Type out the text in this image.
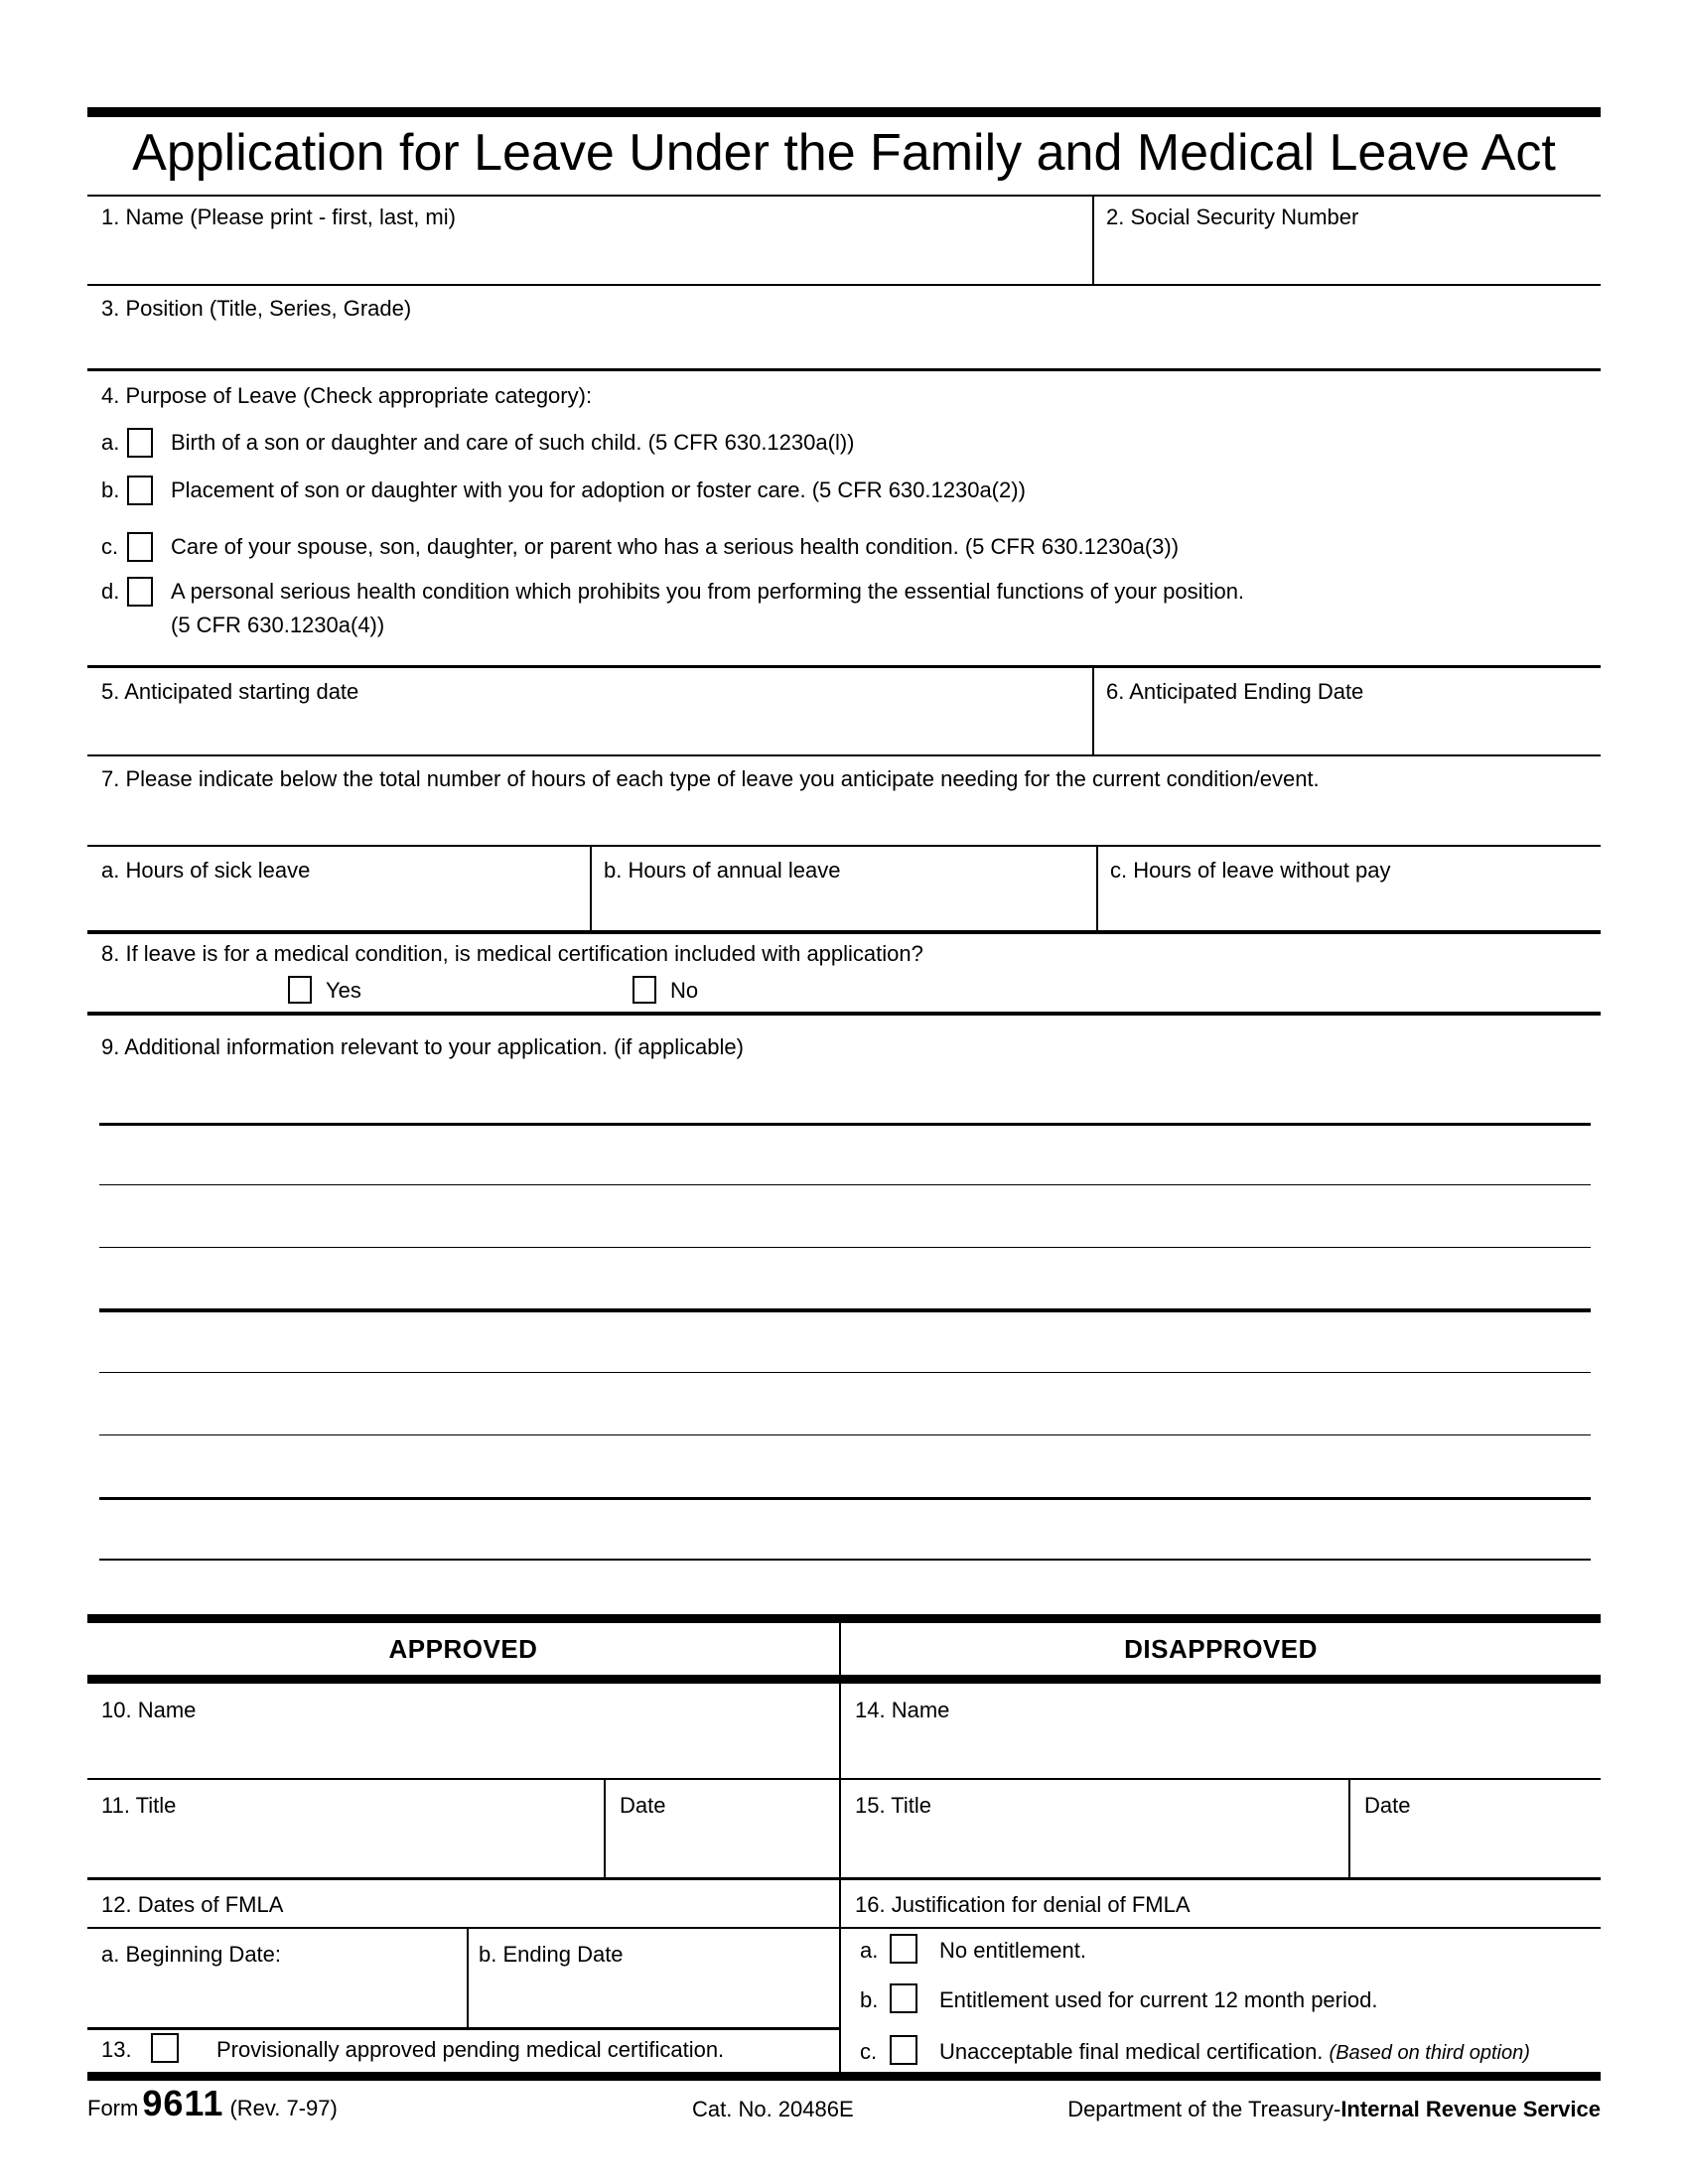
Application for Leave Under the Family and Medical Leave Act
1. Name (Please print - first, last, mi)	2. Social Security Number
3. Position (Title, Series, Grade)
4. Purpose of Leave (Check appropriate category):
a. Birth of a son or daughter and care of such child. (5 CFR 630.1230a(l))
b. Placement of son or daughter with you for adoption or foster care. (5 CFR 630.1230a(2))
c. Care of your spouse, son, daughter, or parent who has a serious health condition. (5 CFR 630.1230a(3))
d. A personal serious health condition which prohibits you from performing the essential functions of your position.
(5 CFR 630.1230a(4))
5. Anticipated starting date	6. Anticipated Ending Date
7. Please indicate below the total number of hours of each type of leave you anticipate needing for the current condition/event.
a. Hours of sick leave	b. Hours of annual leave	c. Hours of leave without pay
8. If leave is for a medical condition, is medical certification included with application?
Yes	No
9. Additional information relevant to your application. (if applicable)
APPROVED	DISAPPROVED
10. Name	14. Name
11. Title	Date	15. Title	Date
12. Dates of FMLA	16. Justification for denial of FMLA
a. Beginning Date:	b. Ending Date
13.	Provisionally approved pending medical certification.
a.	No entitlement.
b.	Entitlement used for current 12 month period.
c.	Unacceptable final medical certification. (Based on third option)
Form 9611 (Rev. 7-97)	Cat. No. 20486E	Department of the Treasury-Internal Revenue Service
